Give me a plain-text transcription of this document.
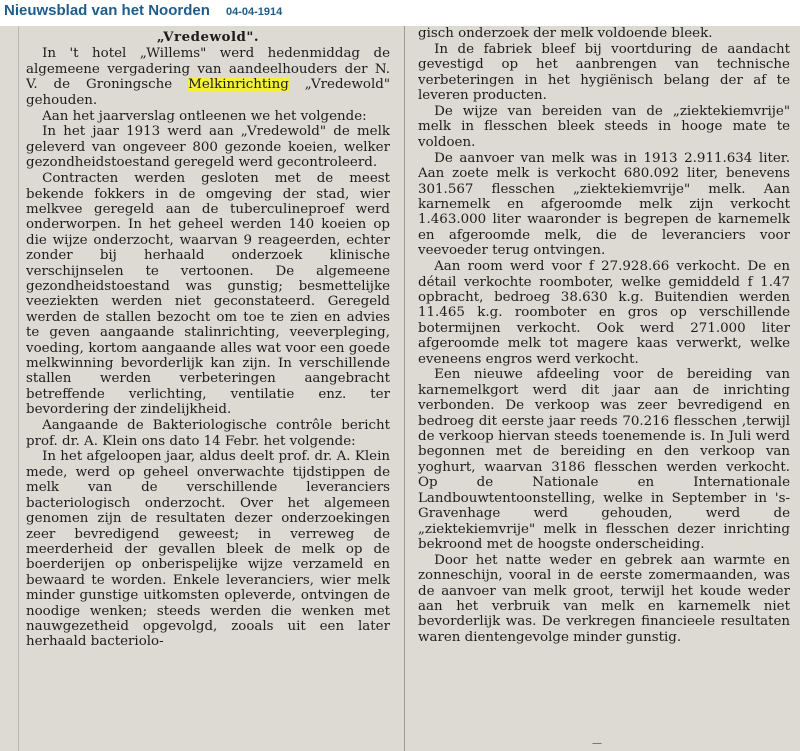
Nieuwsblad van het Noorden 04-04-1914
„Vredewold".

In 't hotel „Willems" werd hedenmiddag de algemeene vergadering van aandeelhouders der N. V. de Groningsche Melkinrichting „Vredewold" gehouden.

Aan het jaarverslag ontleenen we het volgende:

In het jaar 1913 werd aan „Vredewold" de melk geleverd van ongeveer 800 gezonde koeien, welker gezondheidstoestand geregeld werd gecontroleerd.

Contracten werden gesloten met de meest bekende fokkers in de omgeving der stad, wier melkvee geregeld aan de tuberculineproef werd onderworpen. In het geheel werden 140 koeien op die wijze onderzocht, waarvan 9 reageerden, echter zonder bij herhaald onderzoek klinische verschijnselen te vertoonen. De algemeene gezondheidstoestand was gunstig; besmettelijke veeziekten werden niet geconstateerd. Geregeld werden de stallen bezocht om toe te zien en advies te geven aangaande stalinrichting, veeverpleging, voeding, kortom aangaande alles wat voor een goede melkwinning bevorderlijk kan zijn. In verschillende stallen werden verbeteringen aangebracht betreffende verlichting, ventilatie enz. ter bevordering der zindelijkheid.

Aangaande de Bakteriologische contrôle bericht prof. dr. A. Klein ons dato 14 Febr. het volgende:

In het afgeloopen jaar, aldus deelt prof. dr. A. Klein mede, werd op geheel onverwachte tijdstippen de melk van de verschillende leveranciers bacteriologisch onderzocht. Over het algemeen genomen zijn de resultaten dezer onderzoekingen zeer bevredigend geweest; in verreweg de meerderheid der gevallen bleek de melk op de boerderijen op onberispelijke wijze verzameld en bewaard te worden. Enkele leveranciers, wier melk minder gunstige uitkomsten opleverde, ontvingen de noodige wenken; steeds werden die wenken met nauwgezetheid opgevolgd, zooals uit een later herhaald bacteriolo-

gisch onderzoek der melk voldoende bleek.

In de fabriek bleef bij voortduring de aandacht gevestigd op het aanbrengen van technische verbeteringen in het hygiënisch belang der af te leveren producten.

De wijze van bereiden van de „ziektekiemvrije" melk in flesschen bleek steeds in hooge mate te voldoen.

De aanvoer van melk was in 1913 2.911.634 liter. Aan zoete melk is verkocht 680.092 liter, benevens 301.567 flesschen „ziektekiemvrije" melk. Aan karnemelk en afgeroomde melk zijn verkocht 1.463.000 liter waaronder is begrepen de karnemelk en afgeroomde melk, die de leveranciers voor veevoeder terug ontvingen.

Aan room werd voor f 27.928.66 verkocht. De en détail verkochte roomboter, welke gemiddeld f 1.47 opbracht, bedroeg 38.630 k.g. Buitendien werden 11.465 k.g. roomboter en gros op verschillende botermijnen verkocht. Ook werd 271.000 liter afgeroomde melk tot magere kaas verwerkt, welke eveneens engros werd verkocht.

Een nieuwe afdeeling voor de bereiding van karnemelkgort werd dit jaar aan de inrichting verbonden. De verkoop was zeer bevredigend en bedroeg dit eerste jaar reeds 70.216 flesschen ,terwijl de verkoop hiervan steeds toenemende is. In Juli werd begonnen met de bereiding en den verkoop van yoghurt, waarvan 3186 flesschen werden verkocht. Op de Nationale en Internationale Landbouwtentoonstelling, welke in September in 's-Gravenhage werd gehouden, werd de „ziektekiemvrije" melk in flesschen dezer inrichting bekroond met de hoogste onderscheiding.

Door het natte weder en gebrek aan warmte en zonneschijn, vooral in de eerste zomermaanden, was de aanvoer van melk groot, terwijl het koude weder aan het verbruik van melk en karnemelk niet bevorderlijk was. De verkregen financieele resultaten waren dientengevolge minder gunstig.

—
